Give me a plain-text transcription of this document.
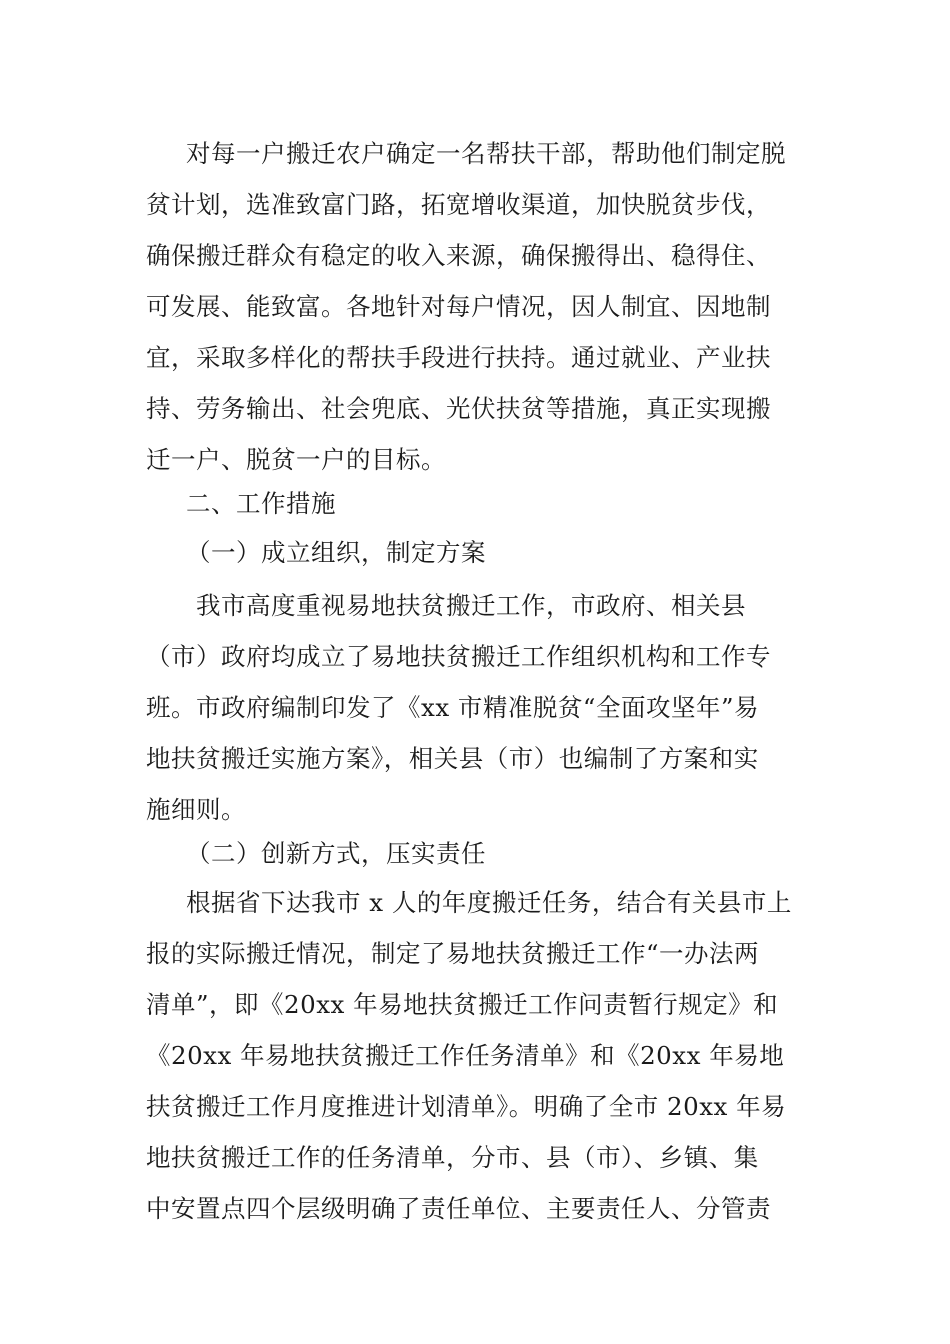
对每一户搬迁农户确定一名帮扶干部，帮助他们制定脱
贫计划，选准致富门路，拓宽增收渠道，加快脱贫步伐，
确保搬迁群众有稳定的收入来源，确保搬得出、稳得住、
可发展、能致富。各地针对每户情况，因人制宜、因地制
宜，采取多样化的帮扶手段进行扶持。通过就业、产业扶
持、劳务输出、社会兜底、光伏扶贫等措施，真正实现搬
迁一户、脱贫一户的目标。
二、工作措施
（一）成立组织，制定方案
我市高度重视易地扶贫搬迁工作，市政府、相关县
（市）政府均成立了易地扶贫搬迁工作组织机构和工作专
班。市政府编制印发了《xx 市精准脱贫“全面攻坚年”易
地扶贫搬迁实施方案》，相关县（市）也编制了方案和实
施细则。
（二）创新方式，压实责任
根据省下达我市 x 人的年度搬迁任务，结合有关县市上
报的实际搬迁情况，制定了易地扶贫搬迁工作“一办法两
清单”，即《20xx 年易地扶贫搬迁工作问责暂行规定》和
《20xx 年易地扶贫搬迁工作任务清单》和《20xx 年易地
扶贫搬迁工作月度推进计划清单》。明确了全市 20xx 年易
地扶贫搬迁工作的任务清单，分市、县（市）、乡镇、集
中安置点四个层级明确了责任单位、主要责任人、分管责
